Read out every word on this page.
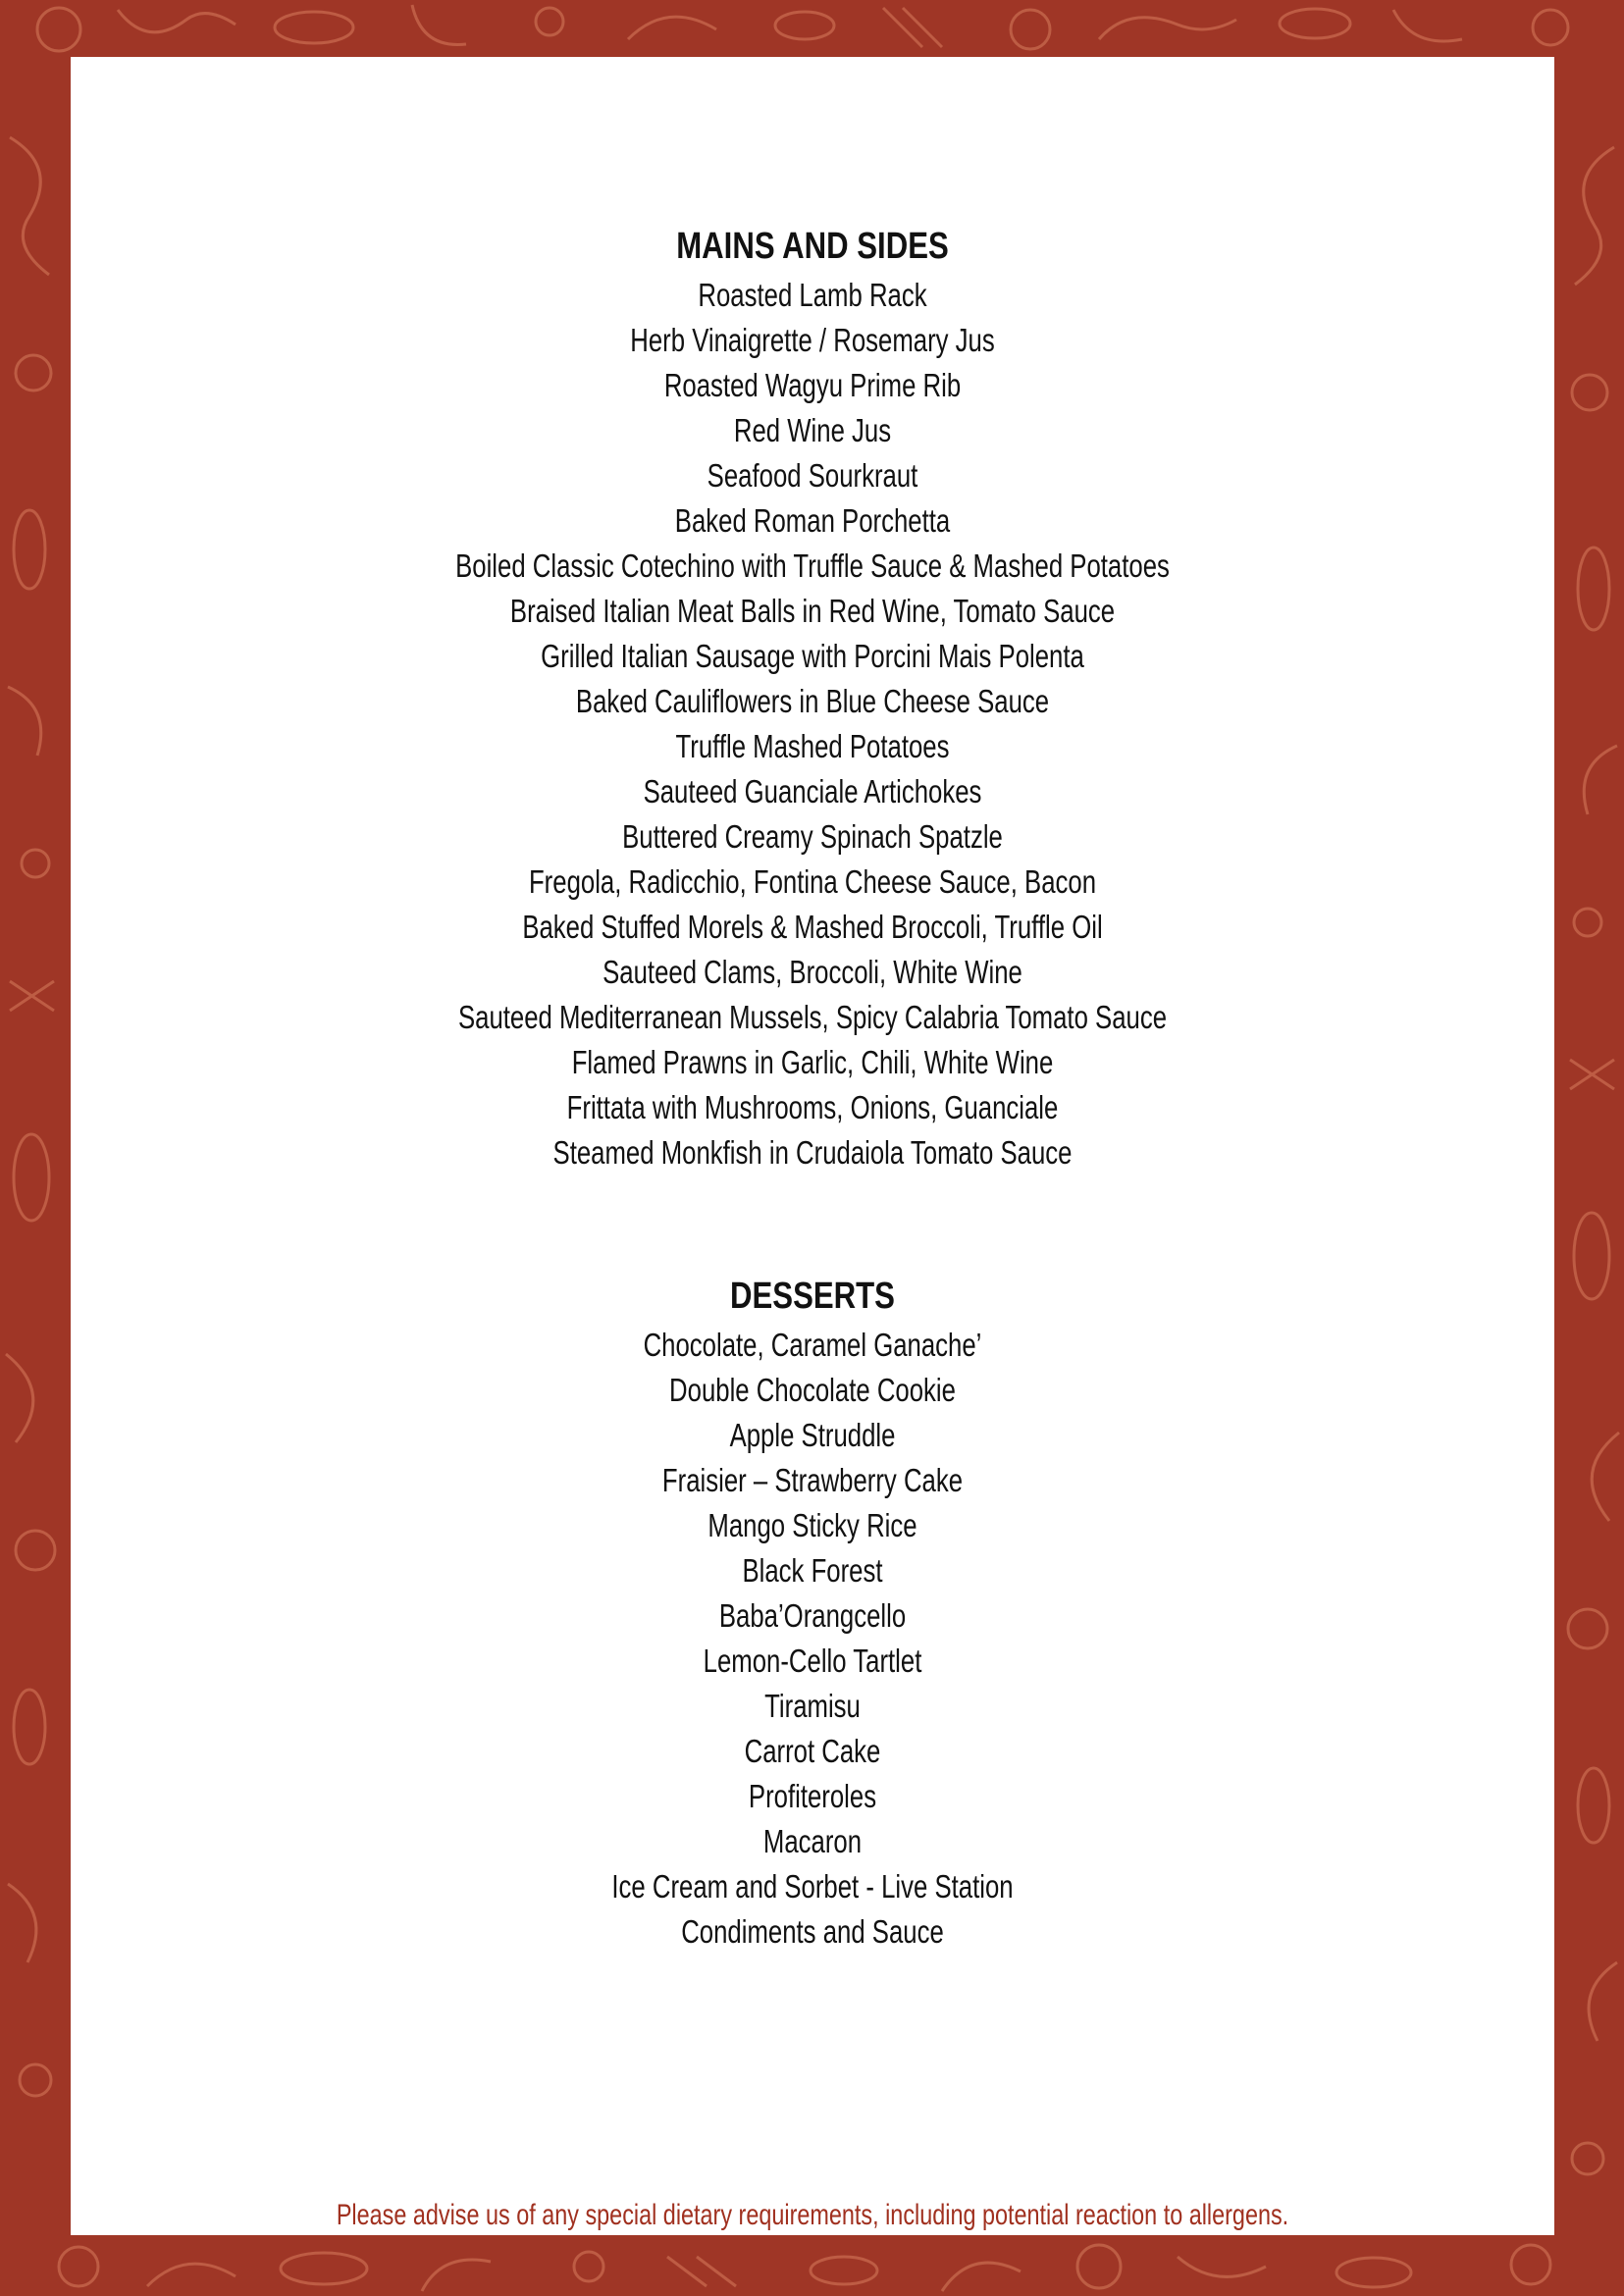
MAINS AND SIDES
Roasted Lamb Rack
Herb Vinaigrette / Rosemary Jus
Roasted Wagyu Prime Rib
Red Wine Jus
Seafood Sourkraut
Baked Roman Porchetta
Boiled Classic Cotechino with Truffle Sauce & Mashed Potatoes
Braised Italian Meat Balls in Red Wine, Tomato Sauce
Grilled Italian Sausage with Porcini Mais Polenta
Baked Cauliflowers in Blue Cheese Sauce
Truffle Mashed Potatoes
Sauteed Guanciale Artichokes
Buttered Creamy Spinach Spatzle
Fregola, Radicchio, Fontina Cheese Sauce, Bacon
Baked Stuffed Morels & Mashed Broccoli, Truffle Oil
Sauteed Clams, Broccoli, White Wine
Sauteed Mediterranean Mussels, Spicy Calabria Tomato Sauce
Flamed Prawns in Garlic, Chili, White Wine
Frittata with Mushrooms, Onions, Guanciale
Steamed Monkfish in Crudaiola Tomato Sauce
DESSERTS
Chocolate, Caramel Ganache’
Double Chocolate Cookie
Apple Struddle
Fraisier – Strawberry Cake
Mango Sticky Rice
Black Forest
Baba’Orangcello
Lemon-Cello Tartlet
Tiramisu
Carrot Cake
Profiteroles
Macaron
Ice Cream and Sorbet - Live Station
Condiments and Sauce

Please advise us of any special dietary requirements, including potential reaction to allergens.
